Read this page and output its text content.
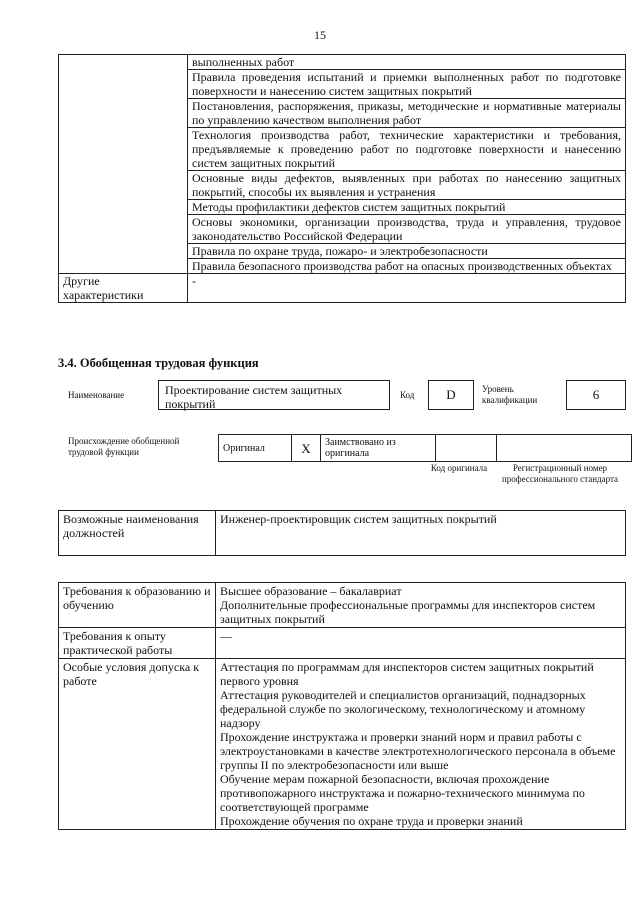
15
	выполненных работ
	Правила проведения испытаний и приемки выполненных работ по подготовке поверхности и нанесению систем защитных покрытий
	Постановления, распоряжения, приказы, методические и нормативные материалы по управлению качеством выполнения работ
	Технология производства работ, технические характеристики и требования, предъявляемые к проведению работ по подготовке поверхности и нанесению систем защитных покрытий
	Основные виды дефектов, выявленных при работах по нанесению защитных покрытий, способы их выявления и устранения
	Методы профилактики дефектов систем защитных покрытий
	Основы экономики, организации производства, труда и управления, трудовое законодательство Российской Федерации
	Правила по охране труда, пожаро- и электробезопасности
	Правила безопасного производства работ на опасных производственных объектах
Другие характеристики	-
3.4. Обобщенная трудовая функция
Наименование	Проектирование систем защитных покрытий
Код	D	Уровень квалификации	6
Происхождение обобщенной трудовой функции	Оригинал	X	Заимствовано из оригинала		
Код оригинала	Регистрационный номер профессионального стандарта
Возможные наименования должностей	Инженер-проектировщик систем защитных покрытий
Требования к образованию и обучению	Высшее образование – бакалавриат
Дополнительные профессиональные программы для инспекторов систем защитных покрытий

Требования к опыту практической работы	—
Особые условия допуска к работе	Аттестация по программам для инспекторов систем защитных покрытий первого уровня
Аттестация руководителей и специалистов организаций, поднадзорных федеральной службе по экологическому, технологическому и атомному надзору
Прохождение инструктажа и проверки знаний норм и правил работы с электроустановками в качестве электротехнологического персонала в объеме группы II по электробезопасности или выше
Обучение мерам пожарной безопасности, включая прохождение противопожарного инструктажа и пожарно-технического минимума по соответствующей программе
Прохождение обучения по охране труда и проверки знаний
